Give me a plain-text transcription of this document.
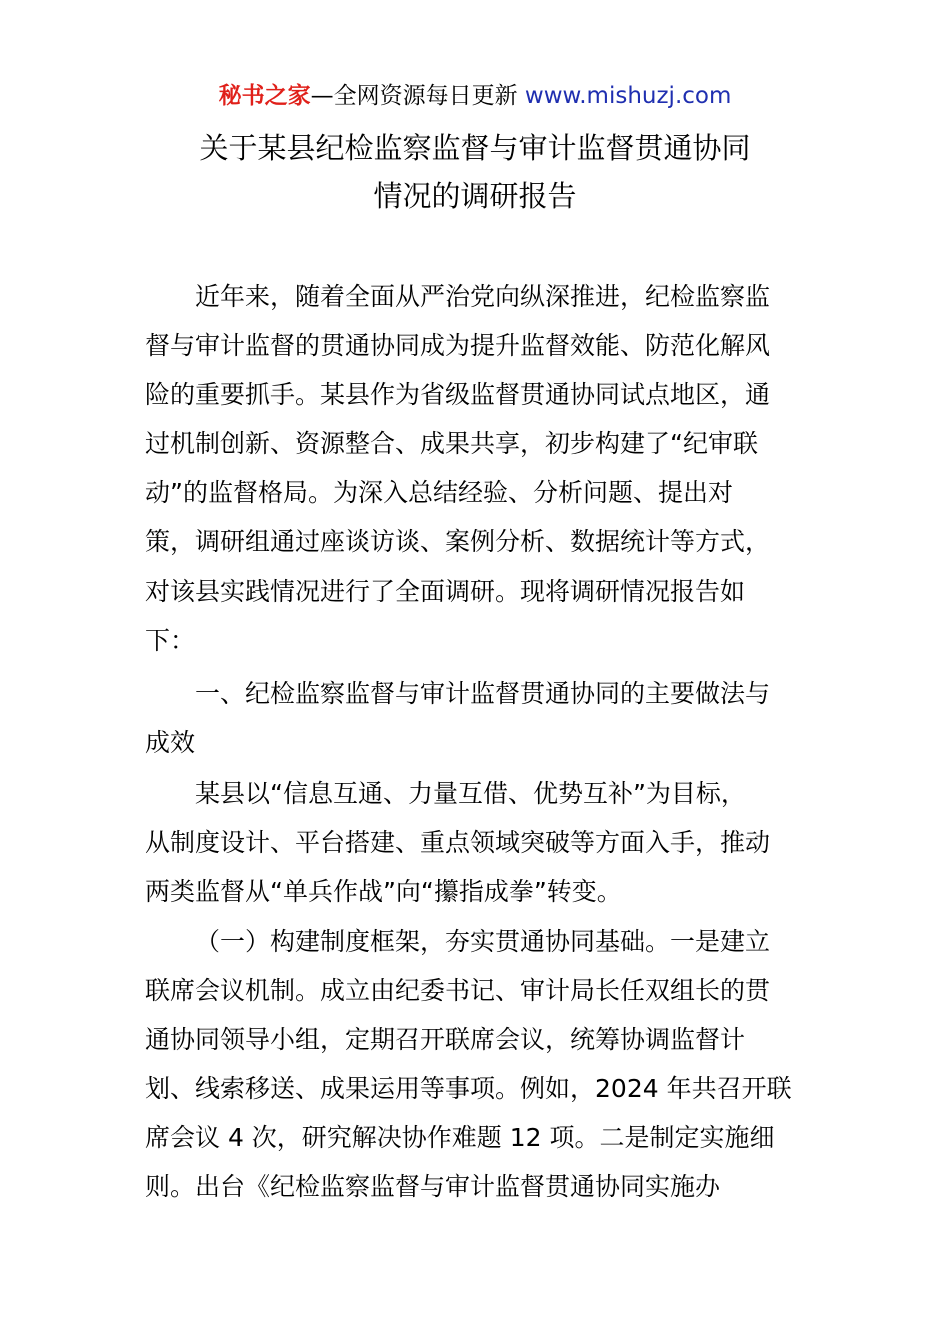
秘书之家—全网资源每日更新 www.mishuzj.com
关于某县纪检监察监督与审计监督贯通协同
情况的调研报告
近年来，随着全面从严治党向纵深推进，纪检监察监
督与审计监督的贯通协同成为提升监督效能、防范化解风
险的重要抓手。某县作为省级监督贯通协同试点地区，通
过机制创新、资源整合、成果共享，初步构建了“纪审联
动”的监督格局。为深入总结经验、分析问题、提出对
策，调研组通过座谈访谈、案例分析、数据统计等方式，
对该县实践情况进行了全面调研。现将调研情况报告如
下：
一、纪检监察监督与审计监督贯通协同的主要做法与
成效
某县以“信息互通、力量互借、优势互补”为目标，
从制度设计、平台搭建、重点领域突破等方面入手，推动
两类监督从“单兵作战”向“攥指成拳”转变。
（一）构建制度框架，夯实贯通协同基础。一是建立
联席会议机制。成立由纪委书记、审计局长任双组长的贯
通协同领导小组，定期召开联席会议，统筹协调监督计
划、线索移送、成果运用等事项。例如，2024 年共召开联
席会议 4 次，研究解决协作难题 12 项。二是制定实施细
则。出台《纪检监察监督与审计监督贯通协同实施办
